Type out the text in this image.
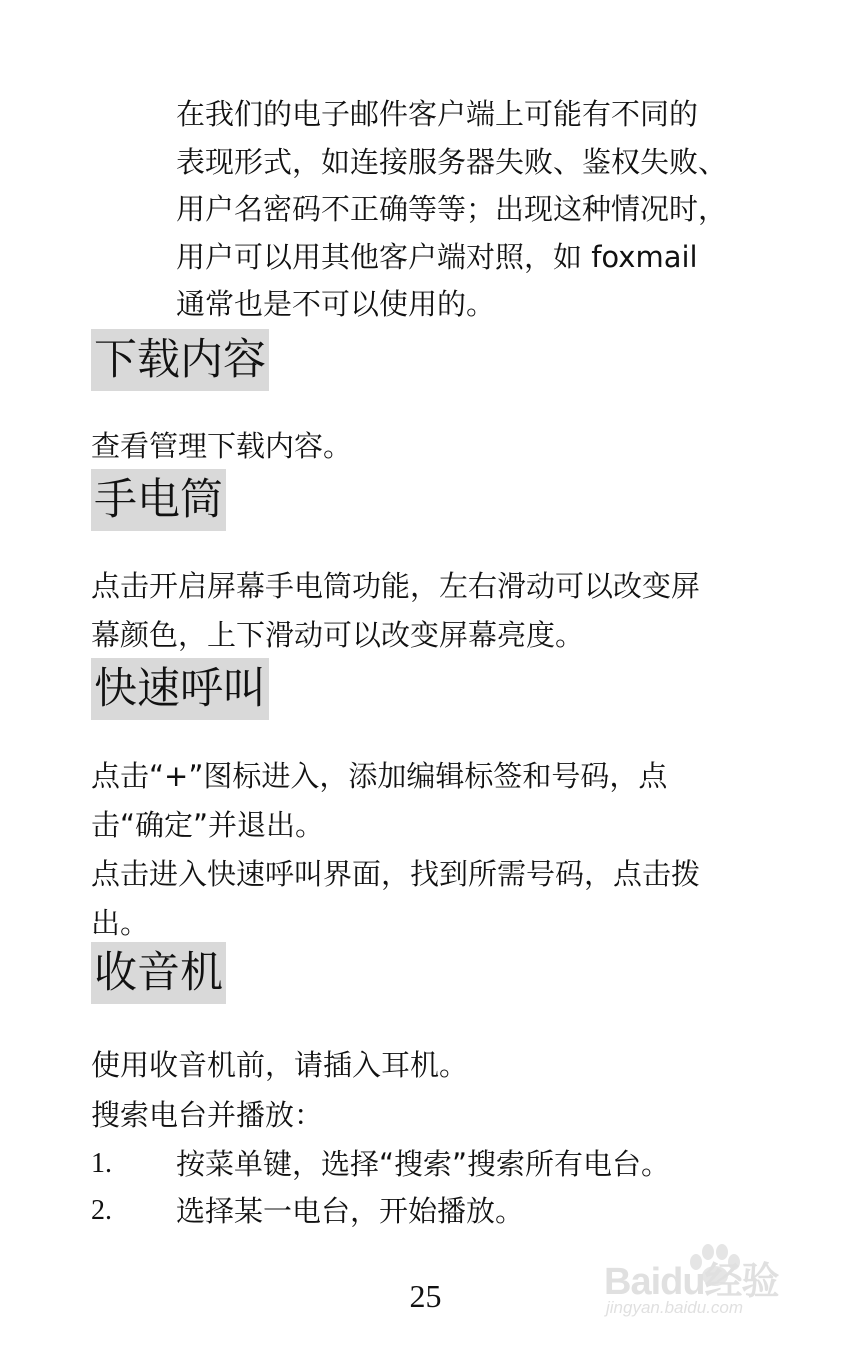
在我们的电子邮件客户端上可能有不同的
表现形式，如连接服务器失败、鉴权失败、
用户名密码不正确等等；出现这种情况时，
用户可以用其他客户端对照，如 foxmail
通常也是不可以使用的。
下载内容
查看管理下载内容。
手电筒
点击开启屏幕手电筒功能，左右滑动可以改变屏
幕颜色，上下滑动可以改变屏幕亮度。
快速呼叫
点击“+”图标进入，添加编辑标签和号码，点
击“确定”并退出。
点击进入快速呼叫界面，找到所需号码，点击拨
出。
收音机
使用收音机前，请插入耳机。
搜索电台并播放：
1. 按菜单键，选择“搜索”搜索所有电台。
2. 选择某一电台，开始播放。
25	Baidu经验
jingyan.baidu.com
